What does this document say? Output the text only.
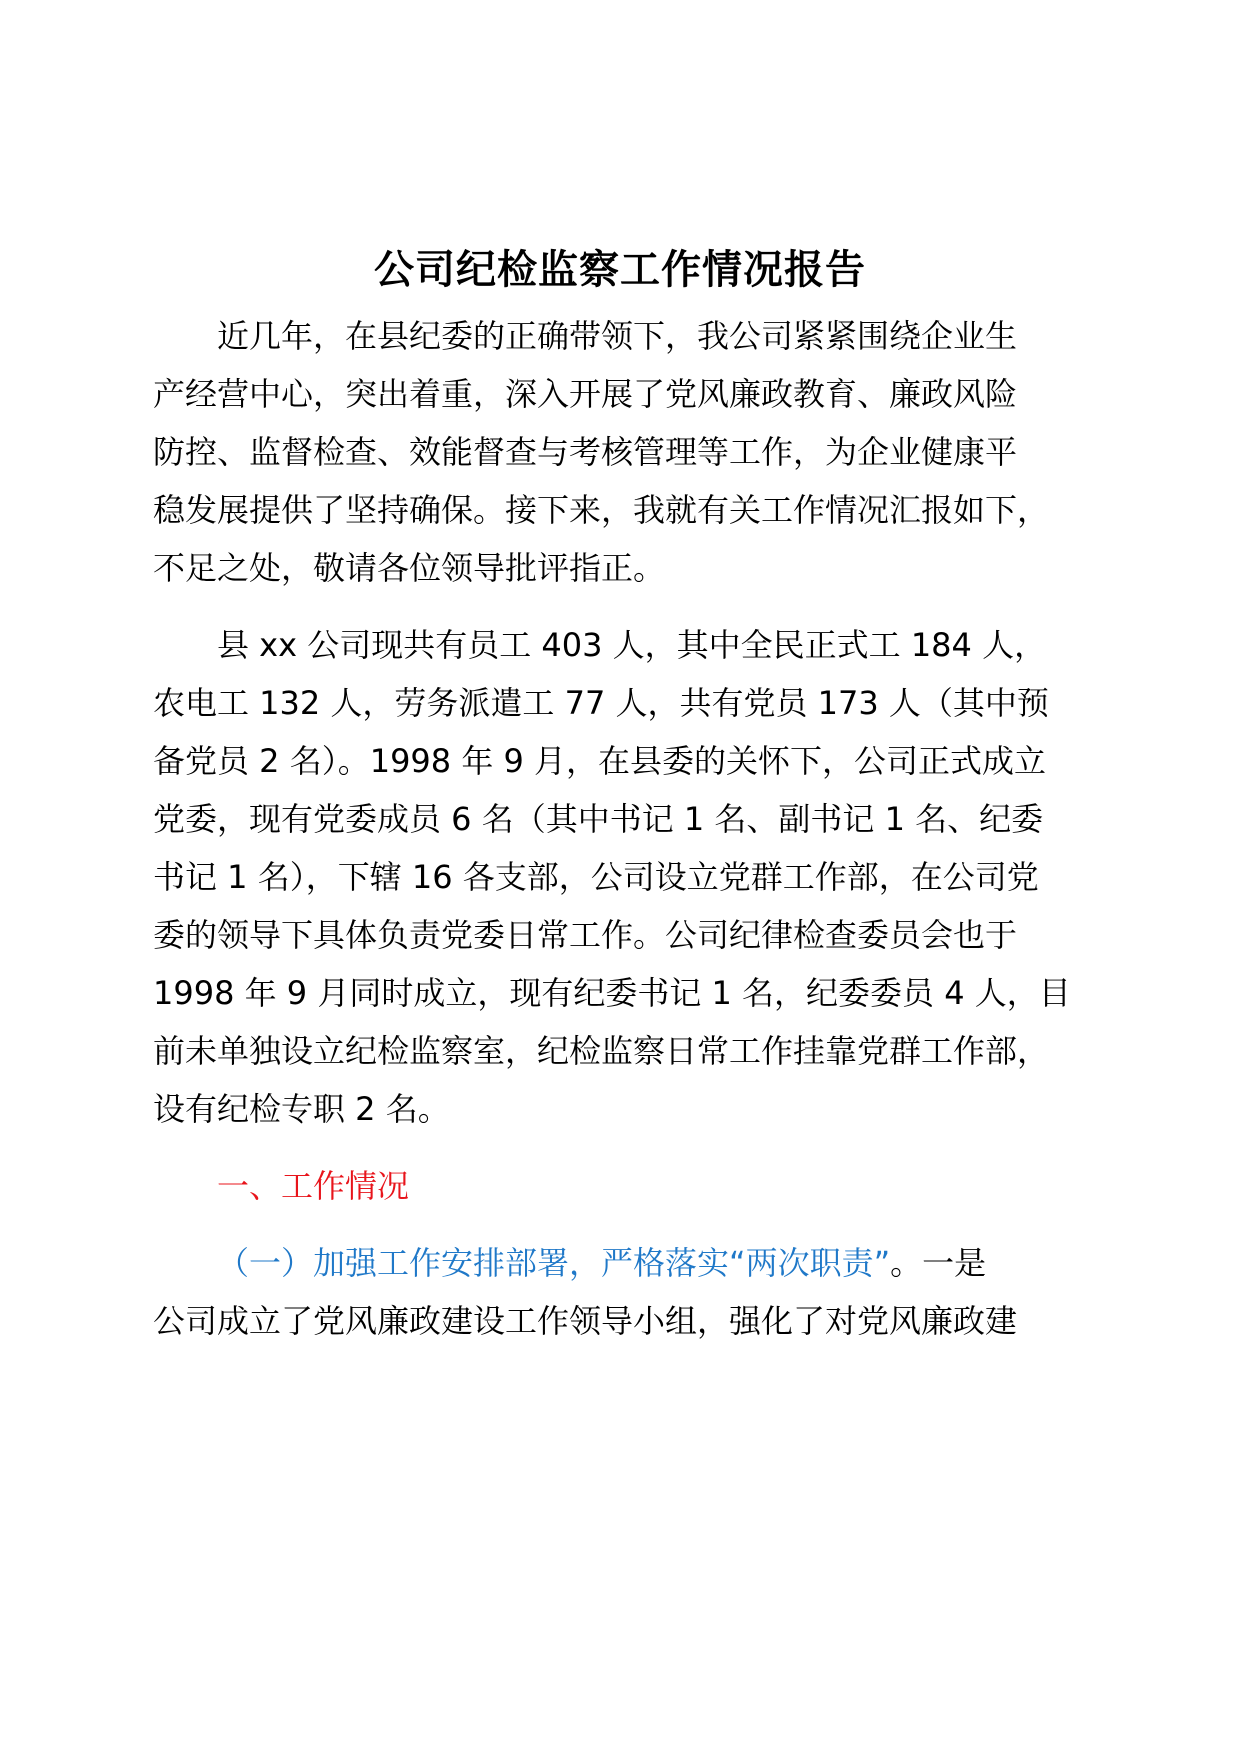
公司纪检监察工作情况报告

近几年，在县纪委的正确带领下，我公司紧紧围绕企业生

产经营中心，突出着重，深入开展了党风廉政教育、廉政风险

防控、监督检查、效能督查与考核管理等工作，为企业健康平

稳发展提供了坚持确保。接下来，我就有关工作情况汇报如下，

不足之处，敬请各位领导批评指正。

县 xx 公司现共有员工 403 人，其中全民正式工 184 人，

农电工 132 人，劳务派遣工 77 人，共有党员 173 人（其中预

备党员 2 名）。1998 年 9 月，在县委的关怀下，公司正式成立

党委，现有党委成员 6 名（其中书记 1 名、副书记 1 名、纪委

书记 1 名），下辖 16 各支部，公司设立党群工作部，在公司党

委的领导下具体负责党委日常工作。公司纪律检查委员会也于

1998 年 9 月同时成立，现有纪委书记 1 名，纪委委员 4 人，目

前未单独设立纪检监察室，纪检监察日常工作挂靠党群工作部，

设有纪检专职 2 名。

一、工作情况

（一）加强工作安排部署，严格落实“两次职责”。一是

公司成立了党风廉政建设工作领导小组，强化了对党风廉政建
